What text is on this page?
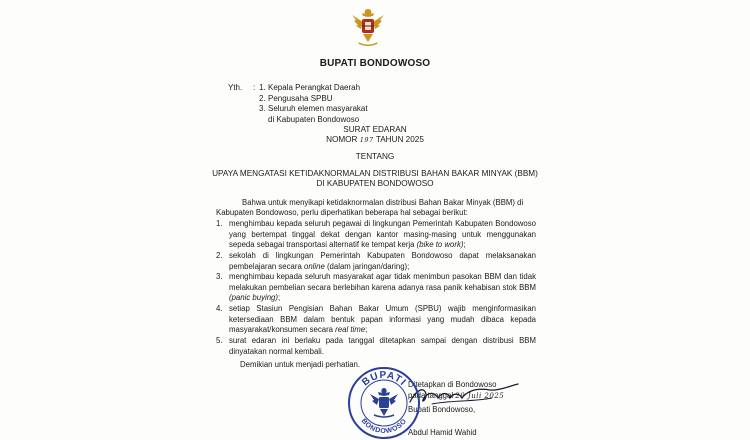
BUPATI BONDOWOSO
Yth. : 1. Kepala Perangkat Daerah
2. Pengusaha SPBU
3. Seluruh elemen masyarakat
di Kabupaten Bondowoso
SURAT EDARAN
NOMOR 197 TAHUN 2025
TENTANG
UPAYA MENGATASI KETIDAKNORMALAN DISTRIBUSI BAHAN BAKAR MINYAK (BBM)
DI KABUPATEN BONDOWOSO
Bahwa untuk menyikapi ketidaknormalan distribusi Bahan Bakar Minyak (BBM) di
Kabupaten Bondowoso, perlu diperhatikan beberapa hal sebagai berikut:
1. menghimbau kepada seluruh pegawai di lingkungan Pemerintah Kabupaten Bondowoso yang bertempat tinggal dekat dengan kantor masing-masing untuk menggunakan sepeda sebagai transportasi alternatif ke tempat kerja (bike to work);
2. sekolah di lingkungan Pemerintah Kabupaten Bondowoso dapat melaksanakan pembelajaran secara online (dalam jaringan/daring);
3. menghimbau kepada seluruh masyarakat agar tidak menimbun pasokan BBM dan tidak melakukan pembelian secara berlebihan karena adanya rasa panik kehabisan stok BBM (panic buying);
4. setiap Stasiun Pengisian Bahan Bakar Umum (SPBU) wajib menginformasikan ketersediaan BBM dalam bentuk papan informasi yang mudah dibaca kepada masyarakat/konsumen secara real time;
5. surat edaran ini berlaku pada tanggal ditetapkan sampai dengan distribusi BBM dinyatakan normal kembali.
Demikian untuk menjadi perhatian.
Ditetapkan di Bondowoso
pada tanggal 29 Juli 2025
Bupati Bondowoso,
Abdul Hamid Wahid
BUPATI
BONDOWOSO
